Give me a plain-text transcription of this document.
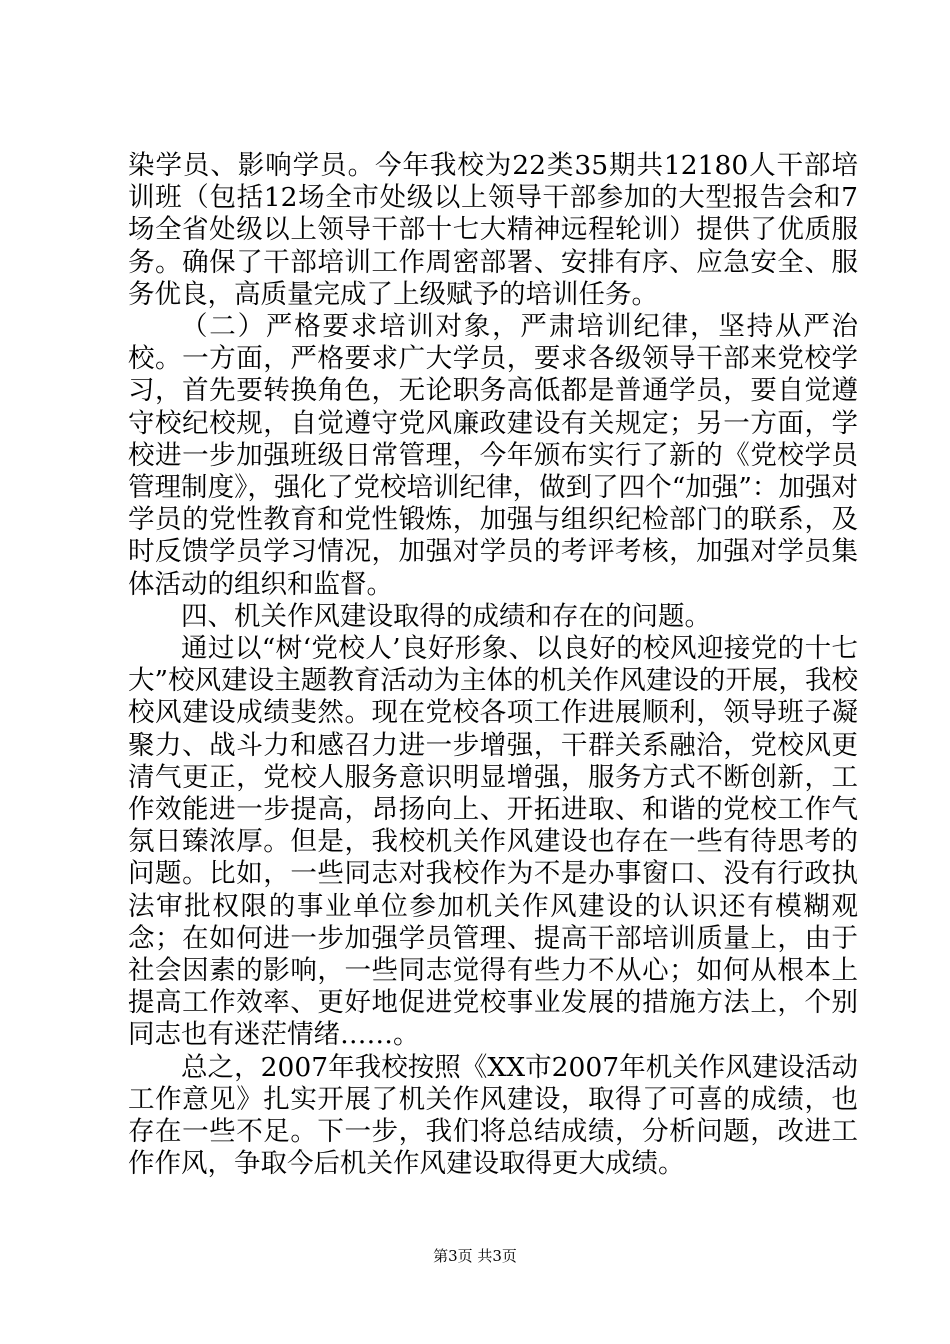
染学员、影响学员。今年我校为22类35期共12180人干部培训班（包括12场全市处级以上领导干部参加的大型报告会和7场全省处级以上领导干部十七大精神远程轮训）提供了优质服务。确保了干部培训工作周密部署、安排有序、应急安全、服务优良，高质量完成了上级赋予的培训任务。

（二）严格要求培训对象，严肃培训纪律，坚持从严治校。一方面，严格要求广大学员，要求各级领导干部来党校学习，首先要转换角色，无论职务高低都是普通学员，要自觉遵守校纪校规，自觉遵守党风廉政建设有关规定；另一方面，学校进一步加强班级日常管理，今年颁布实行了新的《党校学员管理制度》，强化了党校培训纪律，做到了四个“加强”：加强对学员的党性教育和党性锻炼，加强与组织纪检部门的联系，及时反馈学员学习情况，加强对学员的考评考核，加强对学员集体活动的组织和监督。

四、机关作风建设取得的成绩和存在的问题。

通过以“树‘党校人’良好形象、以良好的校风迎接党的十七大”校风建设主题教育活动为主体的机关作风建设的开展，我校校风建设成绩斐然。现在党校各项工作进展顺利，领导班子凝聚力、战斗力和感召力进一步增强，干群关系融洽，党校风更清气更正，党校人服务意识明显增强，服务方式不断创新，工作效能进一步提高，昂扬向上、开拓进取、和谐的党校工作气氛日臻浓厚。但是，我校机关作风建设也存在一些有待思考的问题。比如，一些同志对我校作为不是办事窗口、没有行政执法审批权限的事业单位参加机关作风建设的认识还有模糊观念；在如何进一步加强学员管理、提高干部培训质量上，由于社会因素的影响，一些同志觉得有些力不从心；如何从根本上提高工作效率、更好地促进党校事业发展的措施方法上，个别同志也有迷茫情绪……。

总之，2007年我校按照《XX市2007年机关作风建设活动工作意见》扎实开展了机关作风建设，取得了可喜的成绩，也存在一些不足。下一步，我们将总结成绩，分析问题，改进工作作风，争取今后机关作风建设取得更大成绩。

第3页 共3页
